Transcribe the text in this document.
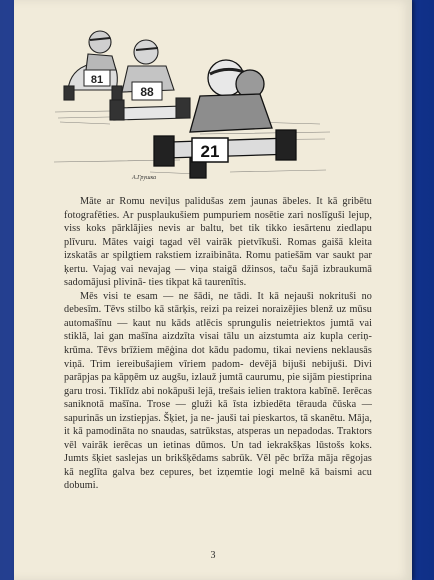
81
88
21
А.Грушка

Māte ar Romu neviļus palidušas zem jaunas ābeles. It kā gribētu fotografēties. Ar pusplaukušiem pumpuriem nosētie zari noslīguši lejup, viss koks pārklājies nevis ar baltu, bet tik tikko iesārtenu ziedlapu plīvuru. Mātes vaigi tagad vēl vairāk pietvīkuši. Romas gaišā kleita izskatās ar spilgtiem rakstiem izraibināta. Romu patiešām var saukt par ķertu. Vajag vai nevajag — viņa staigā džinsos, taču šajā izbraukumā sadomājusi plivinā- ties tikpat kā taurenītis.

Mēs visi te esam — ne šādi, ne tādi. It kā nejauši nokrituši no debesīm. Tēvs stilbo kā stārķis, reizi pa reizei noraizējies blenž uz mūsu automašīnu — kaut nu kāds atlēcis sprungulis neietriektos jumtā vai stiklā, lai gan mašīna aizdzīta visai tālu un aizstumta aiz kupla ceriņ- krūma. Tēvs brīžiem mēģina dot kādu padomu, tikai neviens neklausās viņā. Trim iereibušajiem vīriem padom- devējā bijuši nebijuši. Divi parāpjas pa kāpņēm uz augšu, izlauž jumtā caurumu, pie sijām piestiprina garu trosi. Tiklīdz abi nokāpuši lejā, trešais ielien traktora kabīnē. Ierēcas saniknotā mašīna. Trose — gluži kā īsta izbiedēta tērauda čūska — sapurinās un izstiepjas. Šķiet, ja ne- jauši tai pieskartos, tā skanētu. Māja, it kā pamodināta no snaudas, satrūkstas, atsperas un nepadodas. Traktors vēl vairāk ierēcas un ietinas dūmos. Un tad iekrakšķas lūstošs koks. Jumts šķiet saslejas un brikšķēdams sabrūk. Vēl pēc brīža māja rēgojas kā neglīta galva bez cepures, bet izņemtie logi melnē kā baismi acu dobumi.

3
